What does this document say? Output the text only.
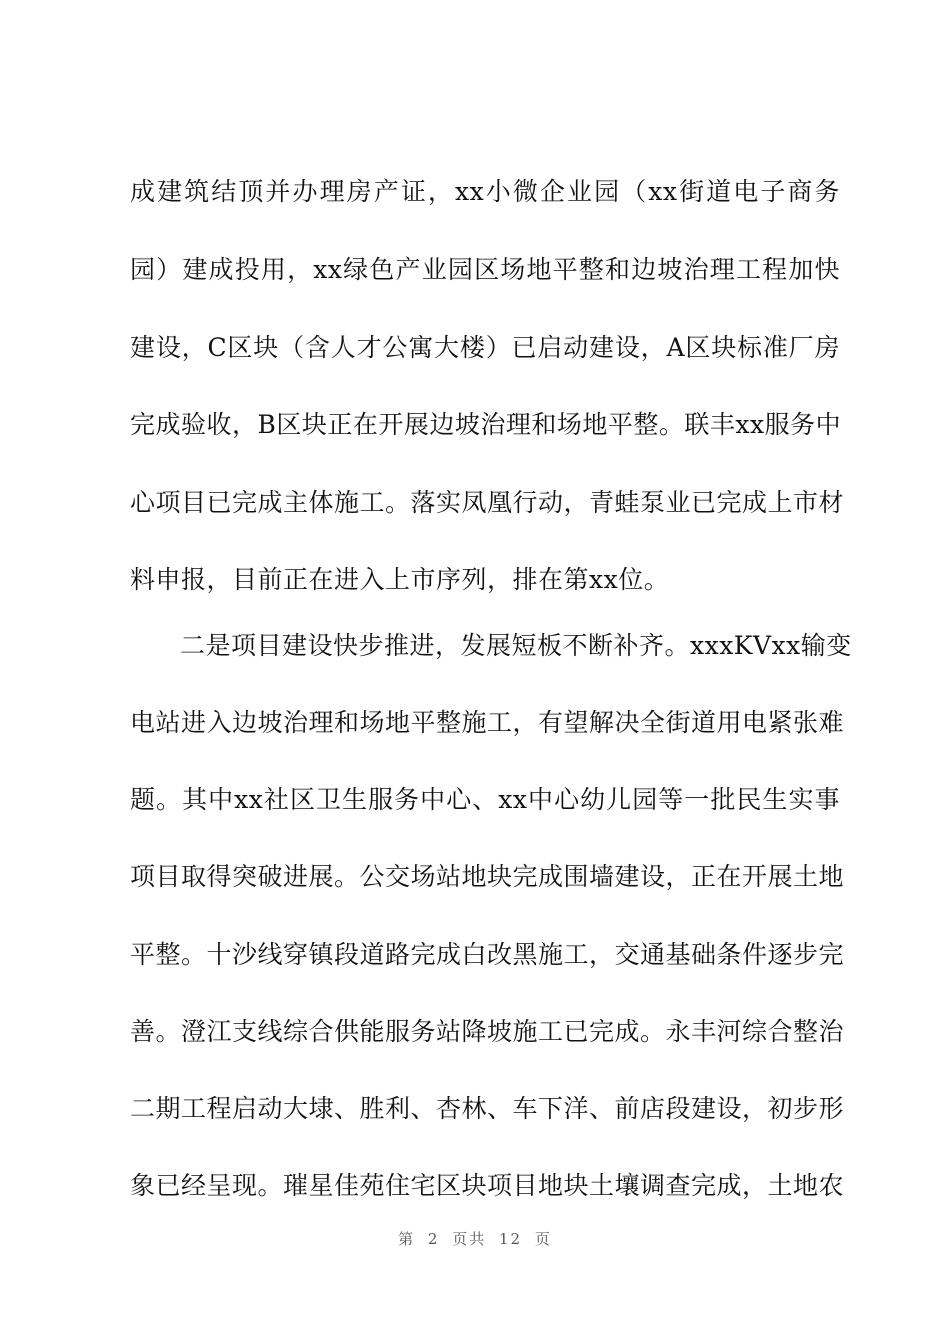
成建筑结顶并办理房产证，xx小微企业园（xx街道电子商务
园）建成投用，xx绿色产业园区场地平整和边坡治理工程加快
建设，C区块（含人才公寓大楼）已启动建设，A区块标准厂房
完成验收，B区块正在开展边坡治理和场地平整。联丰xx服务中
心项目已完成主体施工。落实凤凰行动，青蛙泵业已完成上市材
料申报，目前正在进入上市序列，排在第xx位。
二是项目建设快步推进，发展短板不断补齐。xxxKVxx输变
电站进入边坡治理和场地平整施工，有望解决全街道用电紧张难
题。其中xx社区卫生服务中心、xx中心幼儿园等一批民生实事
项目取得突破进展。公交场站地块完成围墙建设，正在开展土地
平整。十沙线穿镇段道路完成白改黑施工，交通基础条件逐步完
善。澄江支线综合供能服务站降坡施工已完成。永丰河综合整治
二期工程启动大埭、胜利、杏林、车下洋、前店段建设，初步形
象已经呈现。璀星佳苑住宅区块项目地块土壤调查完成，土地农
第 2 页共 12 页
